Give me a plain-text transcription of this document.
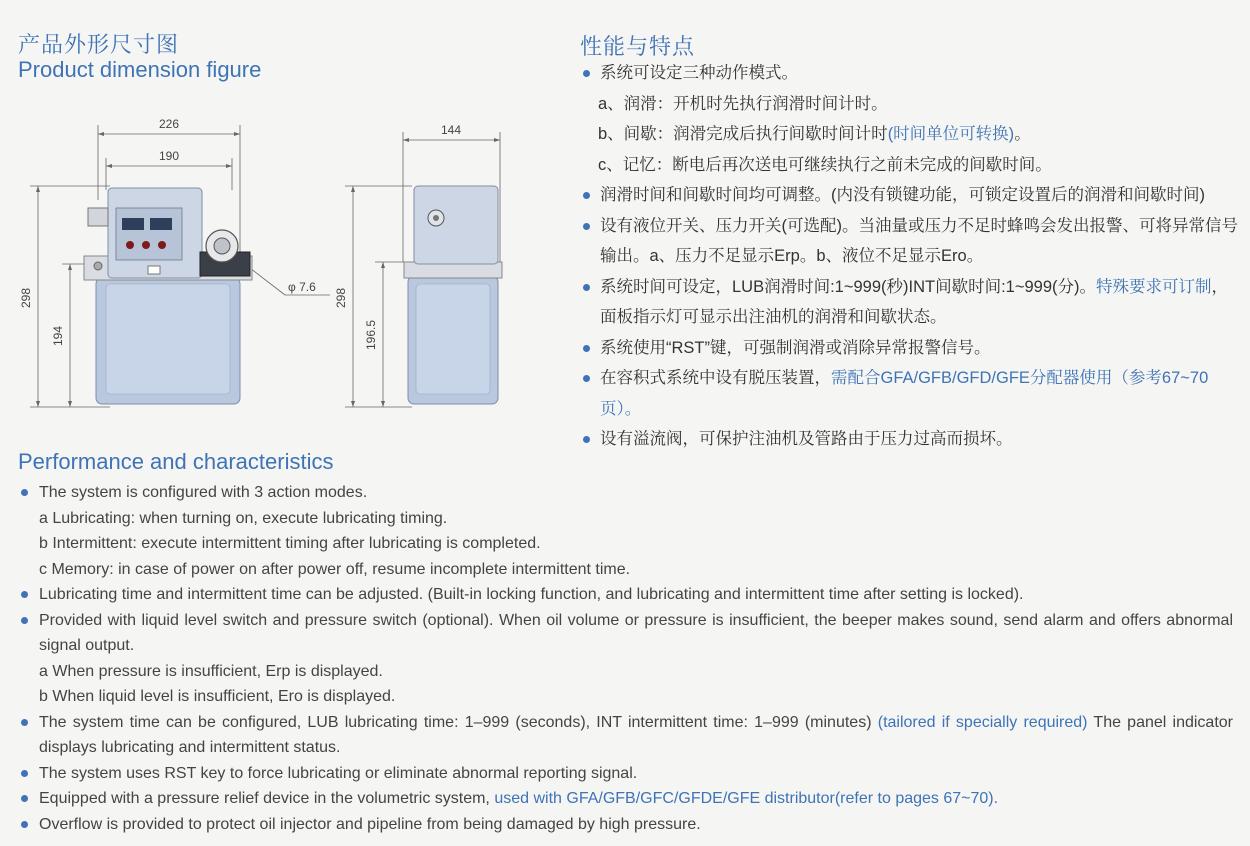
产品外形尺寸图
Product dimension figure
226
190
298
194
φ 7.6
144
298
196.5
性能与特点
系统可设定三种动作模式。
a、润滑：开机时先执行润滑时间计时。
b、间歇：润滑完成后执行间歇时间计时(时间单位可转换)。
c、记忆：断电后再次送电可继续执行之前未完成的间歇时间。
润滑时间和间歇时间均可调整。(内没有锁键功能，可锁定设置后的润滑和间歇时间)
设有液位开关、压力开关(可选配)。当油量或压力不足时蜂鸣会发出报警、可将异常信号输出。a、压力不足显示Erp。b、液位不足显示Ero。
系统时间可设定，LUB润滑时间:1~999(秒)INT间歇时间:1~999(分)。特殊要求可订制，面板指示灯可显示出注油机的润滑和间歇状态。
系统使用“RST”键，可强制润滑或消除异常报警信号。
在容积式系统中设有脱压装置，需配合GFA/GFB/GFD/GFE分配器使用（参考67~70页）。
设有溢流阀，可保护注油机及管路由于压力过高而损坏。
Performance and characteristics
The system is configured with 3 action modes.
a Lubricating: when turning on, execute lubricating timing.
b Intermittent: execute intermittent timing after lubricating is completed.
c Memory: in case of power on after power off, resume incomplete intermittent time.
Lubricating time and intermittent time can be adjusted. (Built-in locking function, and lubricating and intermittent time after setting is locked).
Provided with liquid level switch and pressure switch (optional). When oil volume or pressure is insufficient, the beeper makes sound, send alarm and offers abnormal signal output.
a When pressure is insufficient, Erp is displayed.
b When liquid level is insufficient, Ero is displayed.
The system time can be configured, LUB lubricating time: 1–999 (seconds), INT intermittent time: 1–999 (minutes) (tailored if specially required) The panel indicator displays lubricating and intermittent status.
The system uses RST key to force lubricating or eliminate abnormal reporting signal.
Equipped with a pressure relief device in the volumetric system, used with GFA/GFB/GFC/GFDE/GFE distributor(refer to pages 67~70).
Overflow is provided to protect oil injector and pipeline from being damaged by high pressure.
